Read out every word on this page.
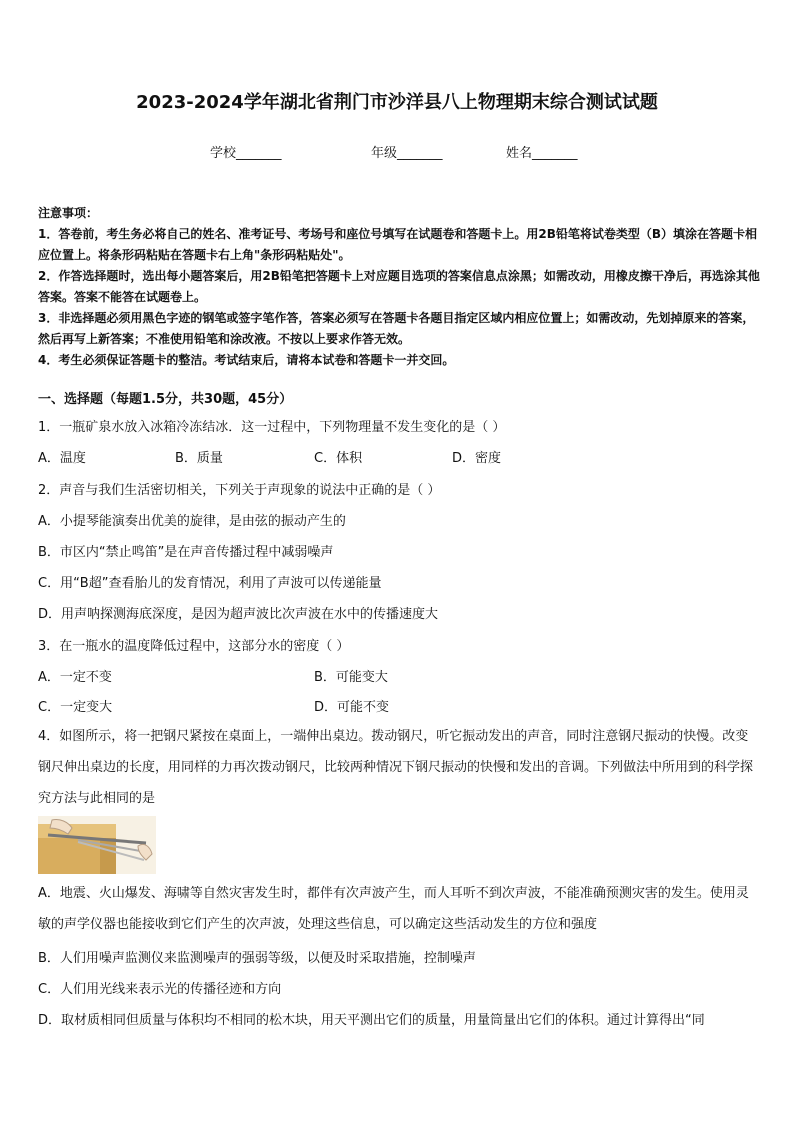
2023-2024学年湖北省荆门市沙洋县八上物理期末综合测试试题
学校_______	年级_______	姓名_______
注意事项：
1．答卷前，考生务必将自己的姓名、准考证号、考场号和座位号填写在试题卷和答题卡上。用2B铅笔将试卷类型（B）填涂在答题卡相应位置上。将条形码粘贴在答题卡右上角"条形码粘贴处"。
2．作答选择题时，选出每小题答案后，用2B铅笔把答题卡上对应题目选项的答案信息点涂黑；如需改动，用橡皮擦干净后，再选涂其他答案。答案不能答在试题卷上。
3．非选择题必须用黑色字迹的钢笔或签字笔作答，答案必须写在答题卡各题目指定区域内相应位置上；如需改动，先划掉原来的答案，然后再写上新答案；不准使用铅笔和涂改液。不按以上要求作答无效。
4．考生必须保证答题卡的整洁。考试结束后，请将本试卷和答题卡一并交回。
一、选择题（每题1.5分，共30题，45分）
1．一瓶矿泉水放入冰箱冷冻结冰．这一过程中，下列物理量不发生变化的是（ ）
A．温度	B．质量	C．体积	D．密度
2．声音与我们生活密切相关，下列关于声现象的说法中正确的是（ ）
A．小提琴能演奏出优美的旋律，是由弦的振动产生的
B．市区内“禁止鸣笛”是在声音传播过程中减弱噪声
C．用“B超”查看胎儿的发育情况，利用了声波可以传递能量
D．用声呐探测海底深度，是因为超声波比次声波在水中的传播速度大
3．在一瓶水的温度降低过程中，这部分水的密度（ ）
A．一定不变	B．可能变大
C．一定变大	D．可能不变
4．如图所示，将一把钢尺紧按在桌面上，一端伸出桌边。拨动钢尺，听它振动发出的声音，同时注意钢尺振动的快慢。改变钢尺伸出桌边的长度，用同样的力再次拨动钢尺，比较两种情况下钢尺振动的快慢和发出的音调。下列做法中所用到的科学探究方法与此相同的是
A．地震、火山爆发、海啸等自然灾害发生时，都伴有次声波产生，而人耳听不到次声波，不能准确预测灾害的发生。使用灵敏的声学仪器也能接收到它们产生的次声波，处理这些信息，可以确定这些活动发生的方位和强度
B．人们用噪声监测仪来监测噪声的强弱等级，以便及时采取措施，控制噪声
C．人们用光线来表示光的传播径迹和方向
D．取材质相同但质量与体积均不相同的松木块，用天平测出它们的质量，用量筒量出它们的体积。通过计算得出“同
